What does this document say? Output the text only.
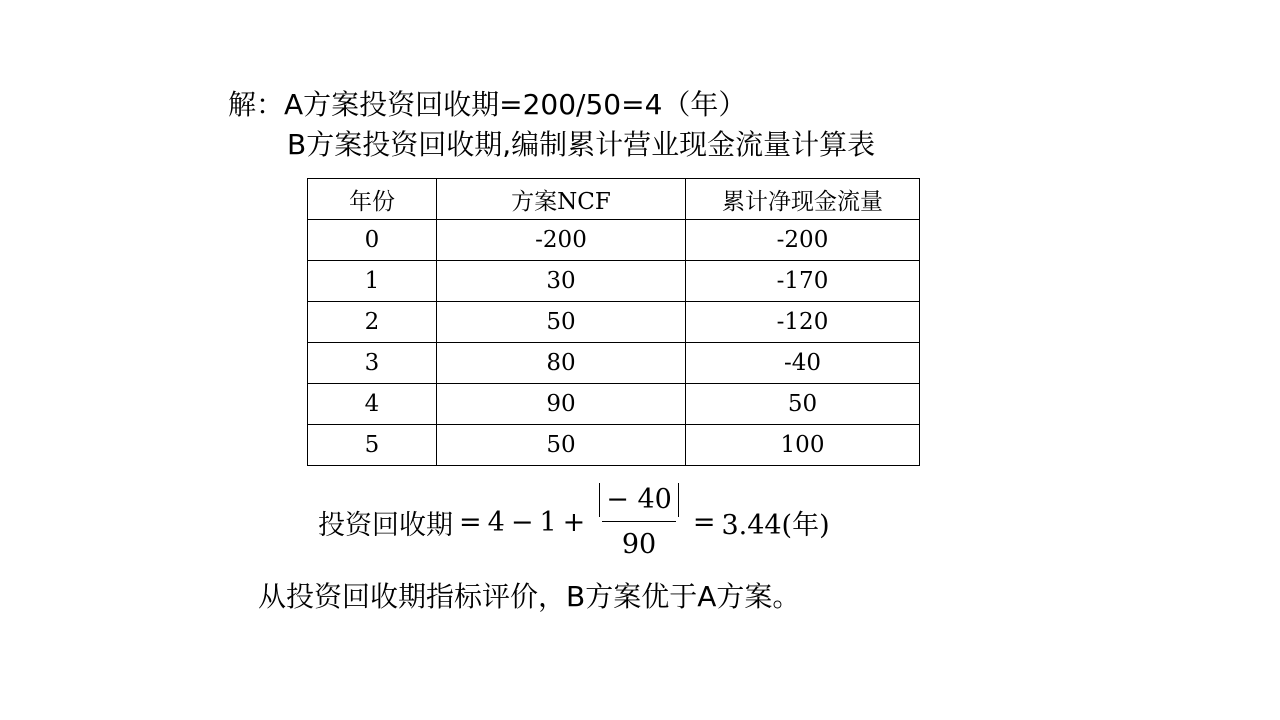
解：A方案投资回收期=200/50=4（年）
B方案投资回收期,编制累计营业现金流量计算表
年份	方案NCF	累计净现金流量
0	-200	-200
1	30	-170
2	50	-120
3	80	-40
4	90	50
5	50	100
投资回收期 = $4 - 1 + \frac{- 40}{90} = 3.44$(年)
从投资回收期指标评价，B方案优于A方案。
